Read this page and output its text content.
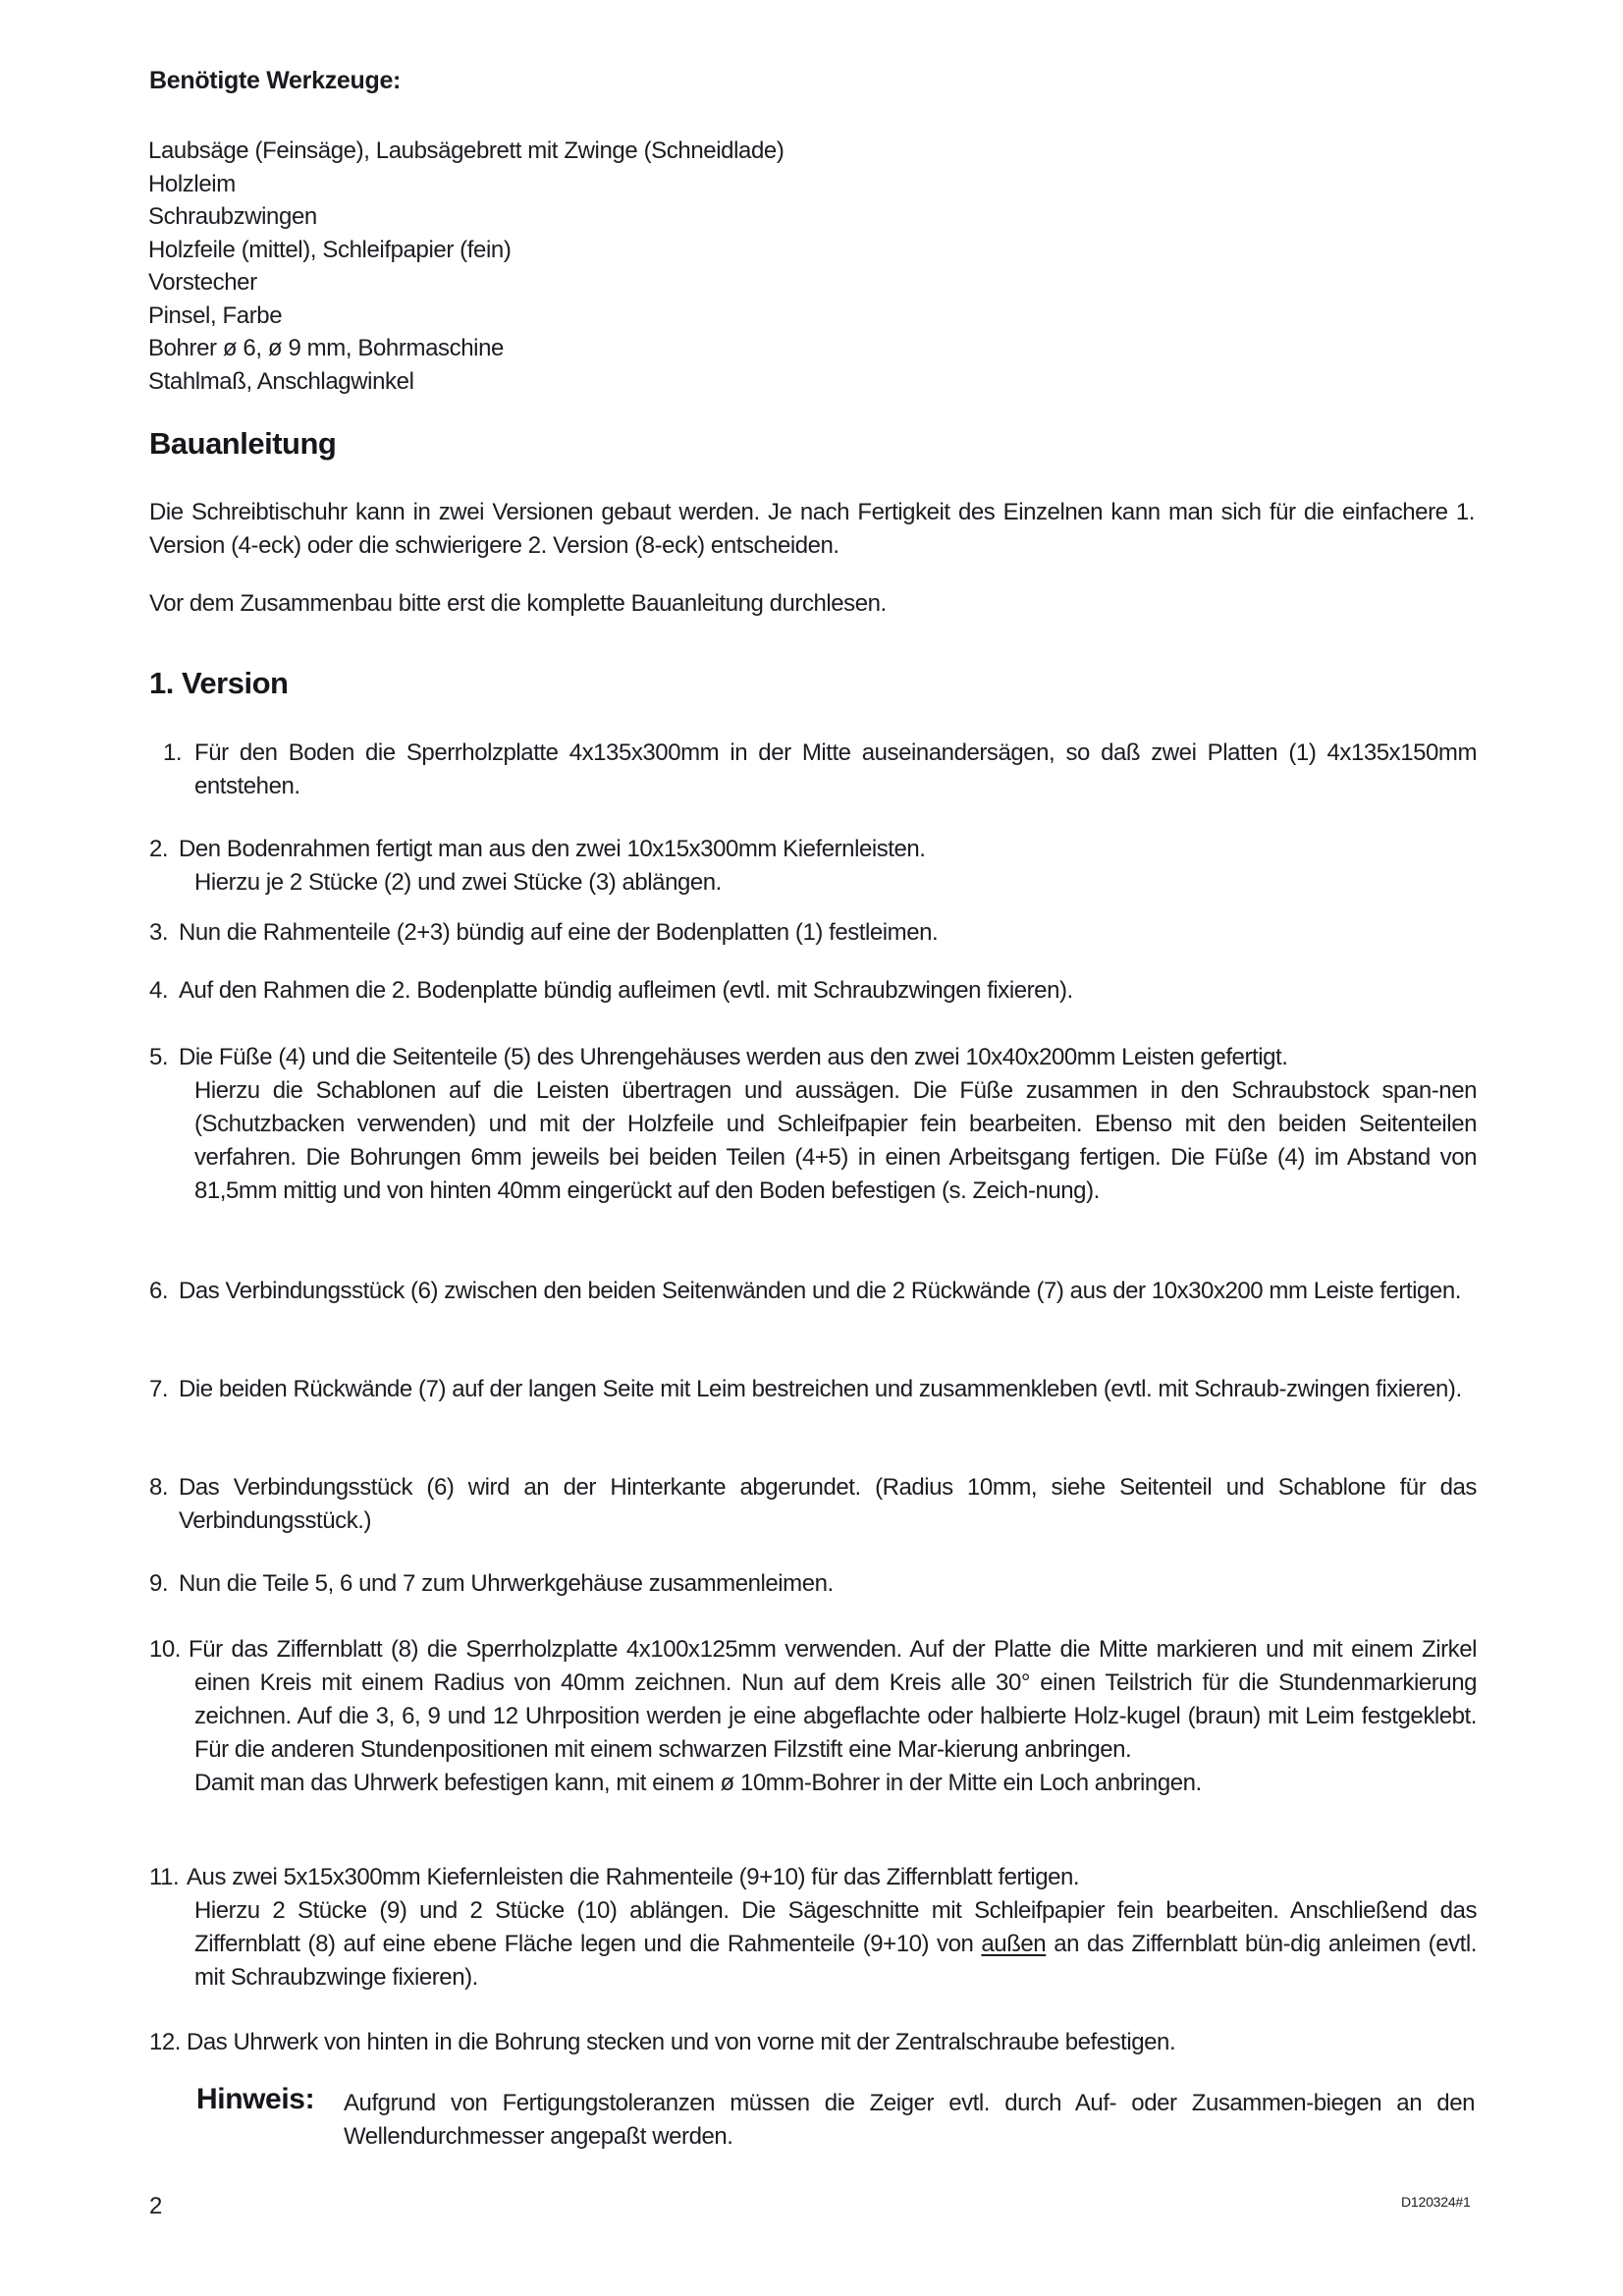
Benötigte Werkzeuge:
Laubsäge (Feinsäge), Laubsägebrett mit Zwinge (Schneidlade)
Holzleim
Schraubzwingen
Holzfeile (mittel), Schleifpapier (fein)
Vorstecher
Pinsel, Farbe
Bohrer ø 6, ø 9 mm, Bohrmaschine
Stahlmaß, Anschlagwinkel
Bauanleitung

Die Schreibtischuhr kann in zwei Versionen gebaut werden. Je nach Fertigkeit des Einzelnen kann man sich für die einfachere 1. Version (4-eck) oder die schwierigere 2. Version (8-eck) entscheiden.

Vor dem Zusammenbau bitte erst die komplette Bauanleitung durchlesen.

1. Version
1. Für den Boden die Sperrholzplatte 4x135x300mm in der Mitte auseinandersägen, so daß zwei Platten (1) 4x135x150mm entstehen.
2. Den Bodenrahmen fertigt man aus den zwei 10x15x300mm Kiefernleisten.
Hierzu je 2 Stücke (2) und zwei Stücke (3) ablängen.
3. Nun die Rahmenteile (2+3) bündig auf eine der Bodenplatten (1) festleimen.
4. Auf den Rahmen die 2. Bodenplatte bündig aufleimen (evtl. mit Schraubzwingen fixieren).
5. Die Füße (4) und die Seitenteile (5) des Uhrengehäuses werden aus den zwei 10x40x200mm Leisten gefertigt.
Hierzu die Schablonen auf die Leisten übertragen und aussägen. Die Füße zusammen in den Schraubstock span-nen (Schutzbacken verwenden) und mit der Holzfeile und Schleifpapier fein bearbeiten. Ebenso mit den beiden Seitenteilen verfahren. Die Bohrungen 6mm jeweils bei beiden Teilen (4+5) in einen Arbeitsgang fertigen. Die Füße (4) im Abstand von 81,5mm mittig und von hinten 40mm eingerückt auf den Boden befestigen (s. Zeich-nung).
6. Das Verbindungsstück (6) zwischen den beiden Seitenwänden und die 2 Rückwände (7) aus der 10x30x200 mm Leiste fertigen.
7. Die beiden Rückwände (7) auf der langen Seite mit Leim bestreichen und zusammenkleben (evtl. mit Schraub-zwingen fixieren).
8. Das Verbindungsstück (6) wird an der Hinterkante abgerundet. (Radius 10mm, siehe Seitenteil und Schablone für das Verbindungsstück.)
9. Nun die Teile 5, 6 und 7 zum Uhrwerkgehäuse zusammenleimen.
10. Für das Ziffernblatt (8) die Sperrholzplatte 4x100x125mm verwenden. Auf der Platte die Mitte markieren und mit einem Zirkel einen Kreis mit einem Radius von 40mm zeichnen. Nun auf dem Kreis alle 30° einen Teilstrich für die Stundenmarkierung zeichnen. Auf die 3, 6, 9 und 12 Uhrposition werden je eine abgeflachte oder halbierte Holz-kugel (braun) mit Leim festgeklebt. Für die anderen Stundenpositionen mit einem schwarzen Filzstift eine Mar-kierung anbringen.
Damit man das Uhrwerk befestigen kann, mit einem ø 10mm-Bohrer in der Mitte ein Loch anbringen.
11. Aus zwei 5x15x300mm Kiefernleisten die Rahmenteile (9+10) für das Ziffernblatt fertigen.
Hierzu 2 Stücke (9) und 2 Stücke (10) ablängen. Die Sägeschnitte mit Schleifpapier fein bearbeiten. Anschließend das Ziffernblatt (8) auf eine ebene Fläche legen und die Rahmenteile (9+10) von außen an das Ziffernblatt bün-dig anleimen (evtl. mit Schraubzwinge fixieren).
12. Das Uhrwerk von hinten in die Bohrung stecken und von vorne mit der Zentralschraube befestigen.
Hinweis:	Aufgrund von Fertigungstoleranzen müssen die Zeiger evtl. durch Auf- oder Zusammen-biegen an den Wellendurchmesser angepaßt werden.
2	D120324#1
